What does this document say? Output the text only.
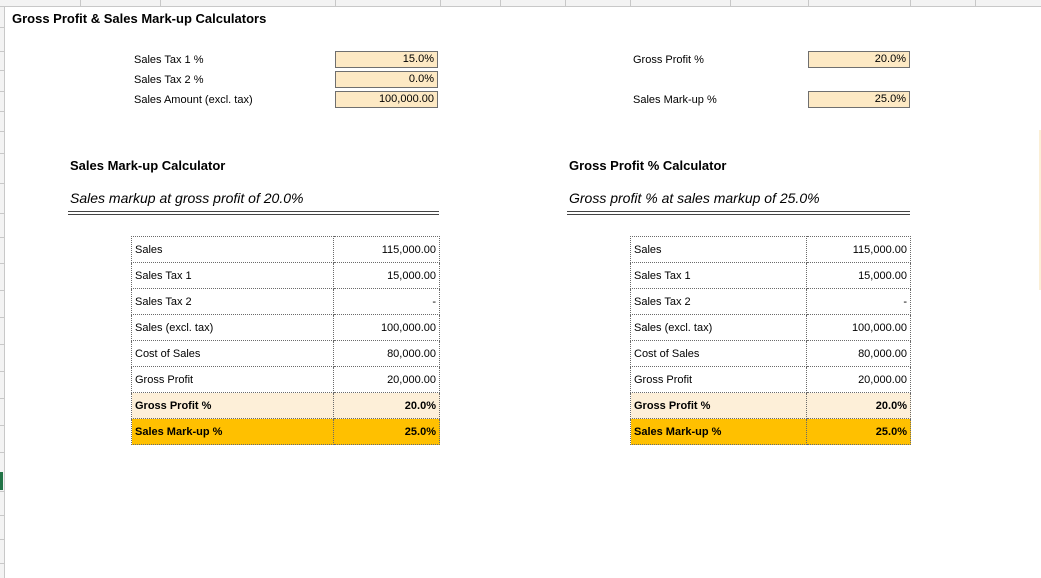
Gross Profit & Sales Mark-up Calculators
Sales Tax 1 %	15.0%
Sales Tax 2 %	0.0%
Sales Amount (excl. tax)	100,000.00
Gross Profit %	20.0%
Sales Mark-up %	25.0%
Sales Mark-up Calculator
Sales markup at gross profit of 20.0%
Sales	115,000.00
Sales Tax 1	15,000.00
Sales Tax 2	-
Sales (excl. tax)	100,000.00
Cost of Sales	80,000.00
Gross Profit	20,000.00
Gross Profit %	20.0%
Sales Mark-up %	25.0%
Gross Profit % Calculator
Gross profit % at sales markup of 25.0%
Sales	115,000.00
Sales Tax 1	15,000.00
Sales Tax 2	-
Sales (excl. tax)	100,000.00
Cost of Sales	80,000.00
Gross Profit	20,000.00
Gross Profit %	20.0%
Sales Mark-up %	25.0%
